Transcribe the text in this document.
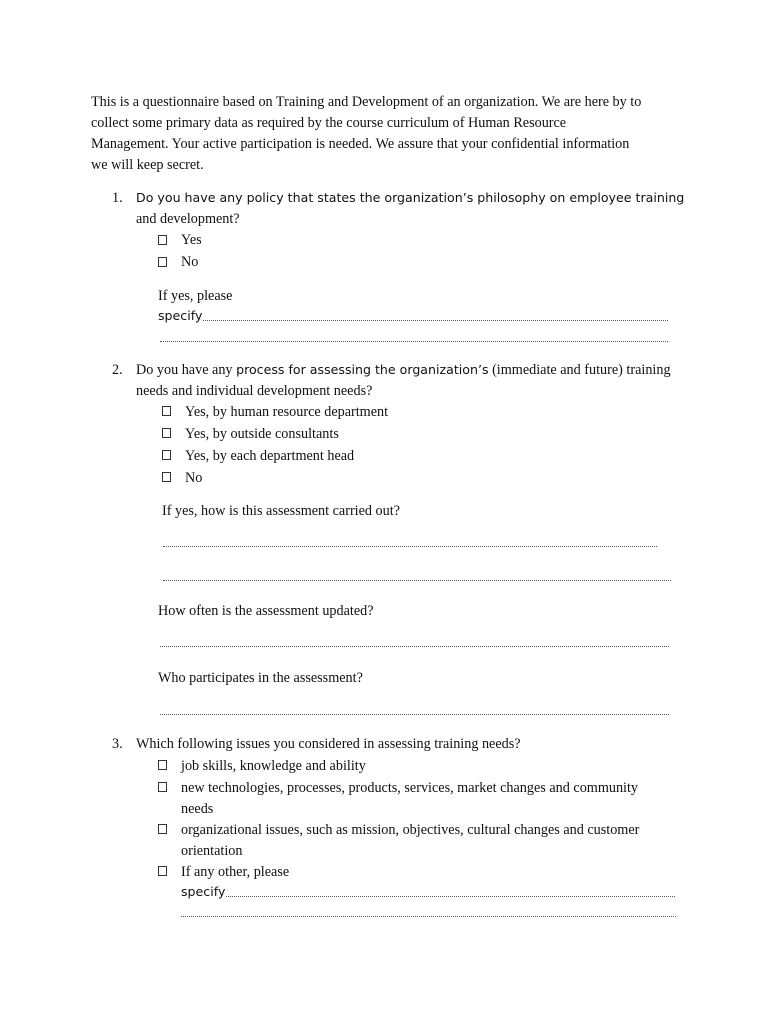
This is a questionnaire based on Training and Development of an organization. We are here by to
collect some primary data as required by the course curriculum of Human Resource
Management. Your active participation is needed. We assure that your confidential information
we will keep secret.
1. Do you have any policy that states the organization’s philosophy on employee training
and development?
Yes
No
If yes, please
specify
2. Do you have any process for assessing the organization’s (immediate and future) training
needs and individual development needs?
Yes, by human resource department
Yes, by outside consultants
Yes, by each department head
No
If yes, how is this assessment carried out?
How often is the assessment updated?
Who participates in the assessment?
3. Which following issues you considered in assessing training needs?
job skills, knowledge and ability
new technologies, processes, products, services, market changes and community
needs
organizational issues, such as mission, objectives, cultural changes and customer
orientation
If any other, please
specify
